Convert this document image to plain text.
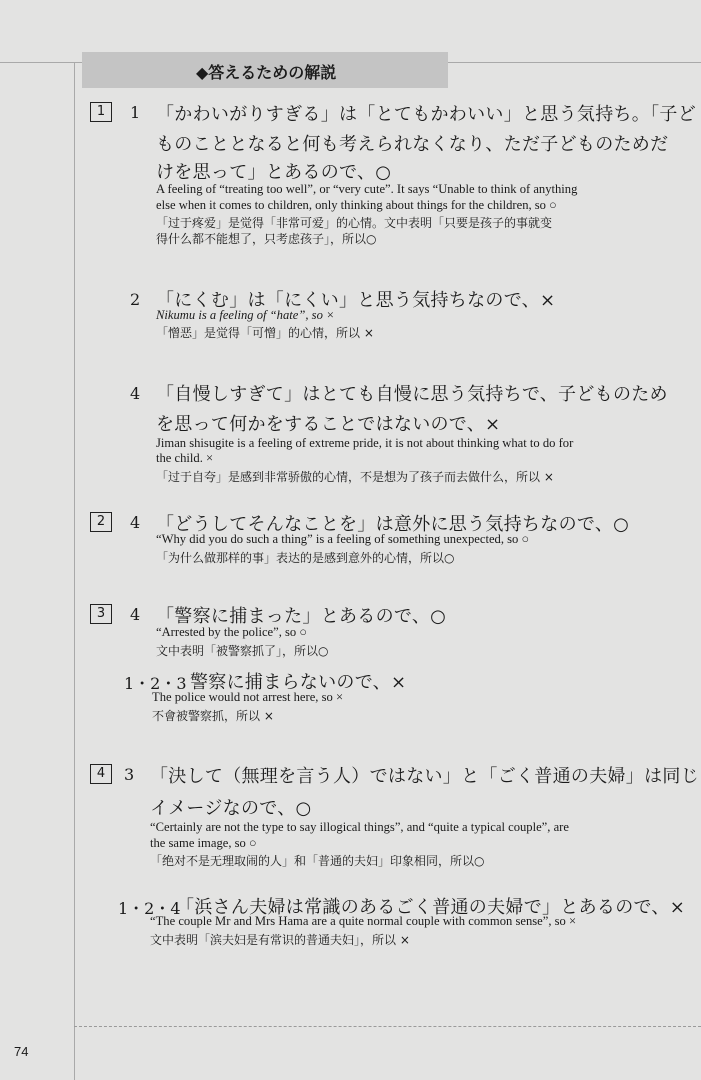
◆答えるための解説
1	1 「かわいがりすぎる」は「とてもかわいい」と思う気持ち。「子ど
ものこととなると何も考えられなくなり、ただ子どものためだ
けを思って」とあるので、○
A feeling of “treating too well”, or “very cute”. It says “Unable to think of anything
else when it comes to children, only thinking about things for the children, so ○
「过于疼爱」是觉得「非常可爱」的心情。文中表明「只要是孩子的事就变
得什么都不能想了，只考虑孩子」，所以○
2 「にくむ」は「にくい」と思う気持ちなので、×
Nikumu is a feeling of “hate”, so ×
「憎恶」是觉得「可憎」的心情，所以 ×
4 「自慢しすぎて」はとても自慢に思う気持ちで、子どものため
を思って何かをすることではないので、×
Jiman shisugite is a feeling of extreme pride, it is not about thinking what to do for
the child. ×
「过于自夸」是感到非常骄傲的心情，不是想为了孩子而去做什么，所以 ×
2	4 「どうしてそんなことを」は意外に思う気持ちなので、○
“Why did you do such a thing” is a feeling of something unexpected, so ○
「为什么做那样的事」表达的是感到意外的心情，所以○
3	4 「警察に捕まった」とあるので、○
“Arrested by the police”, so ○
文中表明「被警察抓了」，所以○
1・2・3 警察に捕まらないので、×
The police would not arrest here, so ×
不會被警察抓，所以 ×
4	3 「決して（無理を言う人）ではない」と「ごく普通の夫婦」は同じ
イメージなので、○
“Certainly are not the type to say illogical things”, and “quite a typical couple”, are
the same image, so ○
「绝对不是无理取闹的人」和「普通的夫妇」印象相同，所以○
1・2・4
「浜さん夫婦は常識のあるごく普通の夫婦で」とあるので、×
“The couple Mr and Mrs Hama are a quite normal couple with common sense”, so ×
文中表明「滨夫妇是有常识的普通夫妇」，所以 ×
74
